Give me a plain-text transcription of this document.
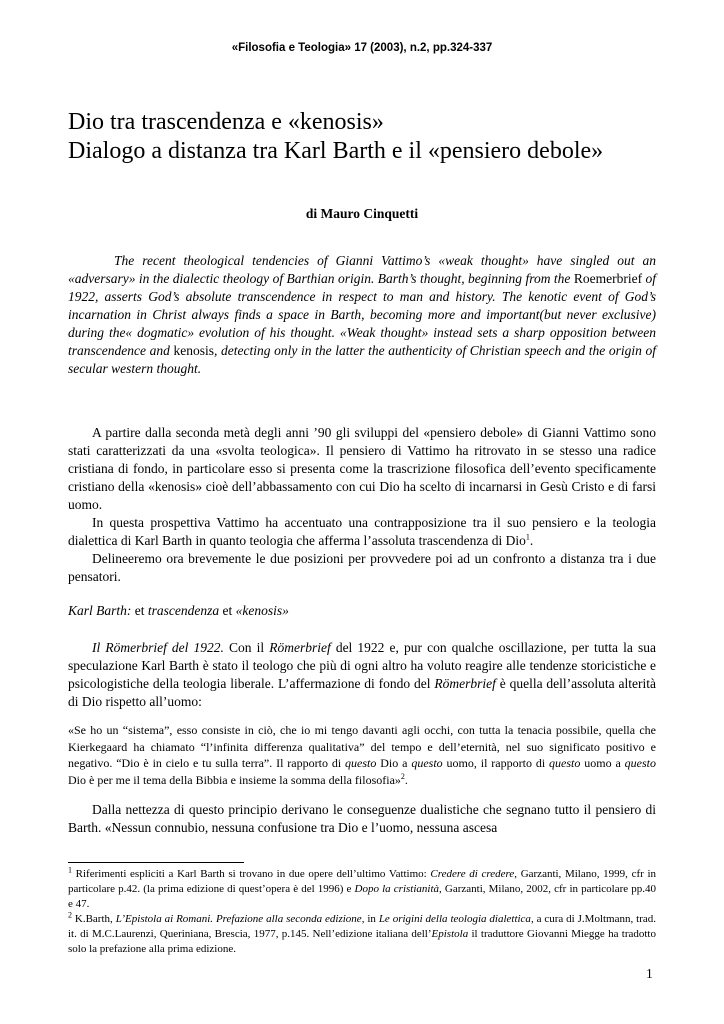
«Filosofia e Teologia» 17 (2003), n.2, pp.324-337
Dio tra trascendenza e «kenosis»
Dialogo a distanza tra Karl Barth e il «pensiero debole»
di Mauro Cinquetti

The recent theological tendencies of Gianni Vattimo’s «weak thought» have singled out an «adversary» in the dialectic theology of Barthian origin. Barth’s thought, beginning from the Roemerbrief of 1922, asserts God’s absolute transcendence in respect to man and history. The kenotic event of God’s incarnation in Christ always finds a space in Barth, becoming more and important(but never exclusive) during the« dogmatic» evolution of his thought. «Weak thought» instead sets a sharp opposition between transcendence and kenosis, detecting only in the latter the authenticity of Christian speech and the origin of secular western thought.

A partire dalla seconda metà degli anni ’90 gli sviluppi del «pensiero debole» di Gianni Vattimo sono stati caratterizzati da una «svolta teologica». Il pensiero di Vattimo ha ritrovato in se stesso una radice cristiana di fondo, in particolare esso si presenta come la trascrizione filosofica dell’evento specificamente cristiano della «kenosis» cioè dell’abbassamento con cui Dio ha scelto di incarnarsi in Gesù Cristo e di farsi uomo.

In questa prospettiva Vattimo ha accentuato una contrapposizione tra il suo pensiero e la teologia dialettica di Karl Barth in quanto teologia che afferma l’assoluta trascendenza di Dio$^1$.

Delineeremo ora brevemente le due posizioni per provvedere poi ad un confronto a distanza tra i due pensatori.

Karl Barth: et trascendenza et «kenosis»

Il Römerbrief del 1922. Con il Römerbrief del 1922 e, pur con qualche oscillazione, per tutta la sua speculazione Karl Barth è stato il teologo che più di ogni altro ha voluto reagire alle tendenze storicistiche e psicologistiche della teologia liberale. L’affermazione di fondo del Römerbrief è quella dell’assoluta alterità di Dio rispetto all’uomo:

«Se ho un “sistema”, esso consiste in ciò, che io mi tengo davanti agli occhi, con tutta la tenacia possibile, quella che Kierkegaard ha chiamato “l’infinita differenza qualitativa” del tempo e dell’eternità, nel suo significato positivo e negativo. “Dio è in cielo e tu sulla terra”. Il rapporto di questo Dio a questo uomo, il rapporto di questo uomo a questo Dio è per me il tema della Bibbia e insieme la somma della filosofia»$^2$.

Dalla nettezza di questo principio derivano le conseguenze dualistiche che segnano tutto il pensiero di Barth. «Nessun connubio, nessuna confusione tra Dio e l’uomo, nessuna ascesa

$^1$ Riferimenti espliciti a Karl Barth si trovano in due opere dell’ultimo Vattimo: Credere di credere, Garzanti, Milano, 1999, cfr in particolare p.42. (la prima edizione di quest’opera è del 1996) e Dopo la cristianità, Garzanti, Milano, 2002, cfr in particolare pp.40 e 47.

$^2$ K.Barth, L’Epistola ai Romani. Prefazione alla seconda edizione, in Le origini della teologia dialettica, a cura di J.Moltmann, trad. it. di M.C.Laurenzi, Queriniana, Brescia, 1977, p.145. Nell’edizione italiana dell’Epistola il traduttore Giovanni Miegge ha tradotto solo la prefazione alla prima edizione.

1
